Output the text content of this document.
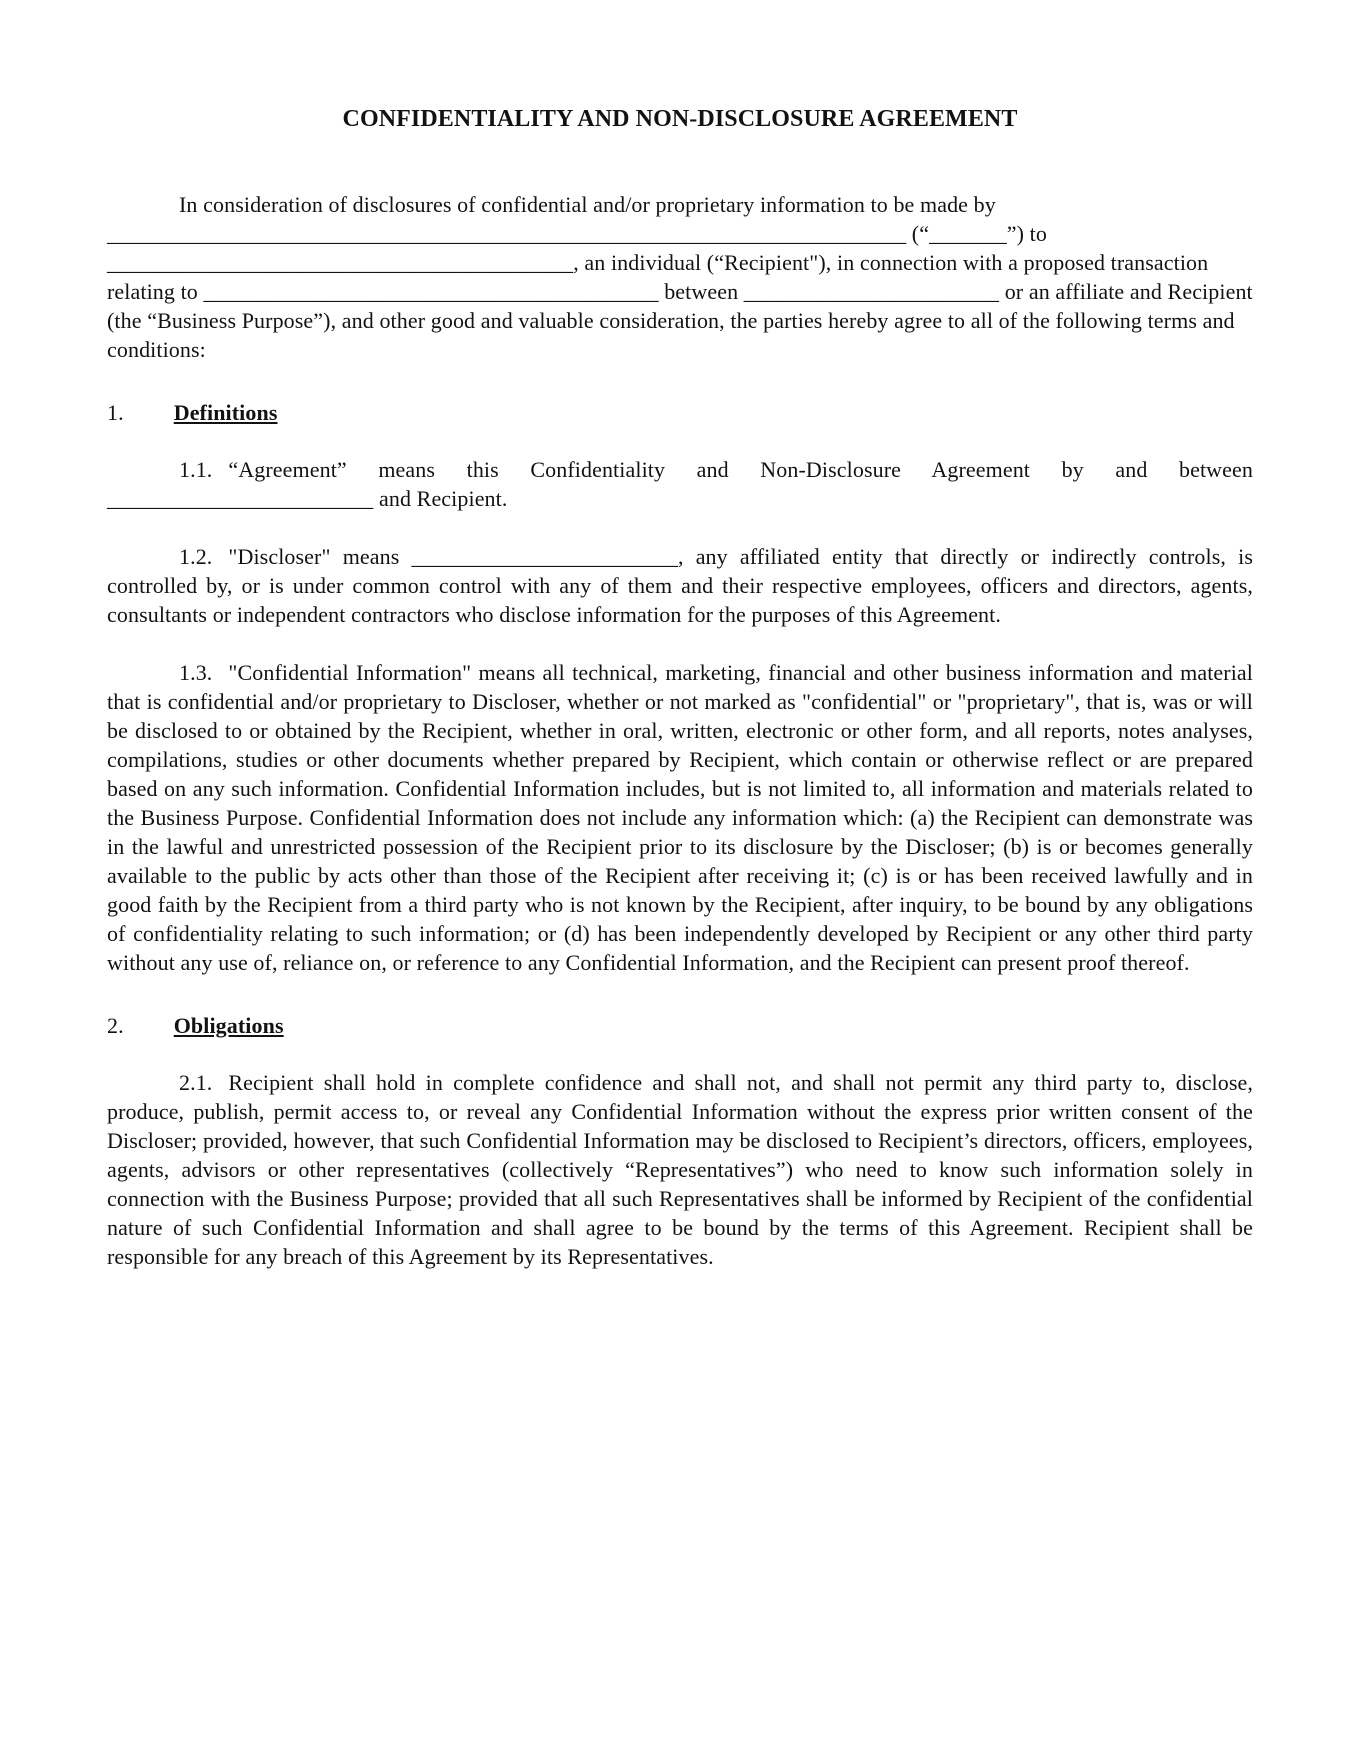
CONFIDENTIALITY AND NON-DISCLOSURE AGREEMENT

In consideration of disclosures of confidential and/or proprietary information to be made by ________________________________________________________________________ (“_______”) to __________________________________________, an individual (“Recipient"), in connection with a proposed transaction relating to _________________________________________ between _______________________ or an affiliate and Recipient (the “Business Purpose”), and other good and valuable consideration, the parties hereby agree to all of the following terms and conditions:

1. Definitions

1.1. “Agreement” means this Confidentiality and Non-Disclosure Agreement by and between ________________________ and Recipient.

1.2. "Discloser" means ________________________, any affiliated entity that directly or indirectly controls, is controlled by, or is under common control with any of them and their respective employees, officers and directors, agents, consultants or independent contractors who disclose information for the purposes of this Agreement.

1.3. "Confidential Information" means all technical, marketing, financial and other business information and material that is confidential and/or proprietary to Discloser, whether or not marked as "confidential" or "proprietary", that is, was or will be disclosed to or obtained by the Recipient, whether in oral, written, electronic or other form, and all reports, notes analyses, compilations, studies or other documents whether prepared by Recipient, which contain or otherwise reflect or are prepared based on any such information. Confidential Information includes, but is not limited to, all information and materials related to the Business Purpose. Confidential Information does not include any information which: (a) the Recipient can demonstrate was in the lawful and unrestricted possession of the Recipient prior to its disclosure by the Discloser; (b) is or becomes generally available to the public by acts other than those of the Recipient after receiving it; (c) is or has been received lawfully and in good faith by the Recipient from a third party who is not known by the Recipient, after inquiry, to be bound by any obligations of confidentiality relating to such information; or (d) has been independently developed by Recipient or any other third party without any use of, reliance on, or reference to any Confidential Information, and the Recipient can present proof thereof.

2. Obligations

2.1. Recipient shall hold in complete confidence and shall not, and shall not permit any third party to, disclose, produce, publish, permit access to, or reveal any Confidential Information without the express prior written consent of the Discloser; provided, however, that such Confidential Information may be disclosed to Recipient’s directors, officers, employees, agents, advisors or other representatives (collectively “Representatives”) who need to know such information solely in connection with the Business Purpose; provided that all such Representatives shall be informed by Recipient of the confidential nature of such Confidential Information and shall agree to be bound by the terms of this Agreement. Recipient shall be responsible for any breach of this Agreement by its Representatives.
